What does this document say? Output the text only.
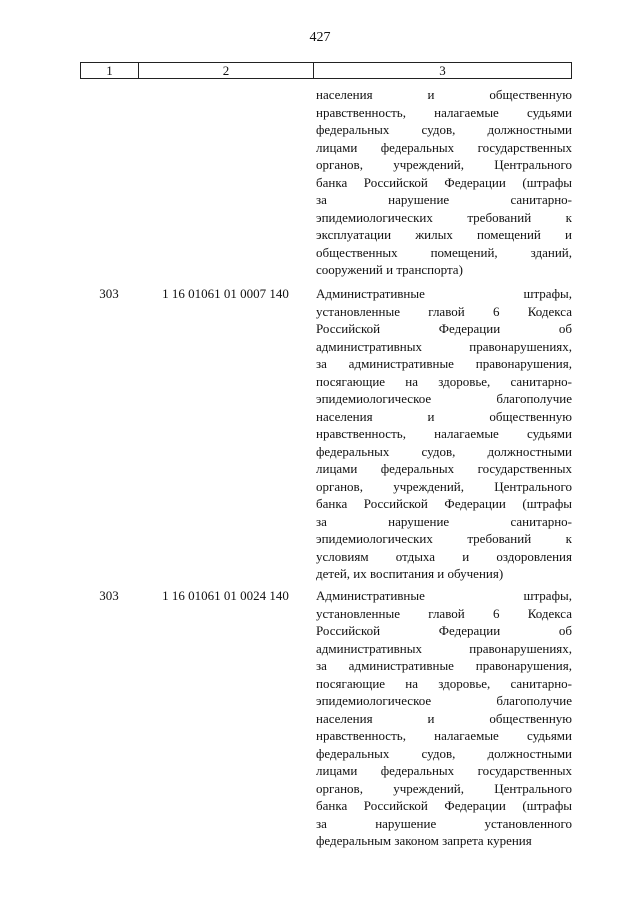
427
1	2	3
населения и общественную
нравственность, налагаемые судьями
федеральных судов, должностными
лицами федеральных государственных
органов, учреждений, Центрального
банка Российской Федерации (штрафы
за нарушение санитарно-
эпидемиологических требований к
эксплуатации жилых помещений и
общественных помещений, зданий,
сооружений и транспорта)
303	1 16 01061 01 0007 140	Административные штрафы,
установленные главой 6 Кодекса
Российской Федерации об
административных правонарушениях,
за административные правонарушения,
посягающие на здоровье, санитарно-
эпидемиологическое благополучие
населения и общественную
нравственность, налагаемые судьями
федеральных судов, должностными
лицами федеральных государственных
органов, учреждений, Центрального
банка Российской Федерации (штрафы
за нарушение санитарно-
эпидемиологических требований к
условиям отдыха и оздоровления
детей, их воспитания и обучения)
303	1 16 01061 01 0024 140	Административные штрафы,
установленные главой 6 Кодекса
Российской Федерации об
административных правонарушениях,
за административные правонарушения,
посягающие на здоровье, санитарно-
эпидемиологическое благополучие
населения и общественную
нравственность, налагаемые судьями
федеральных судов, должностными
лицами федеральных государственных
органов, учреждений, Центрального
банка Российской Федерации (штрафы
за нарушение установленного
федеральным законом запрета курения
